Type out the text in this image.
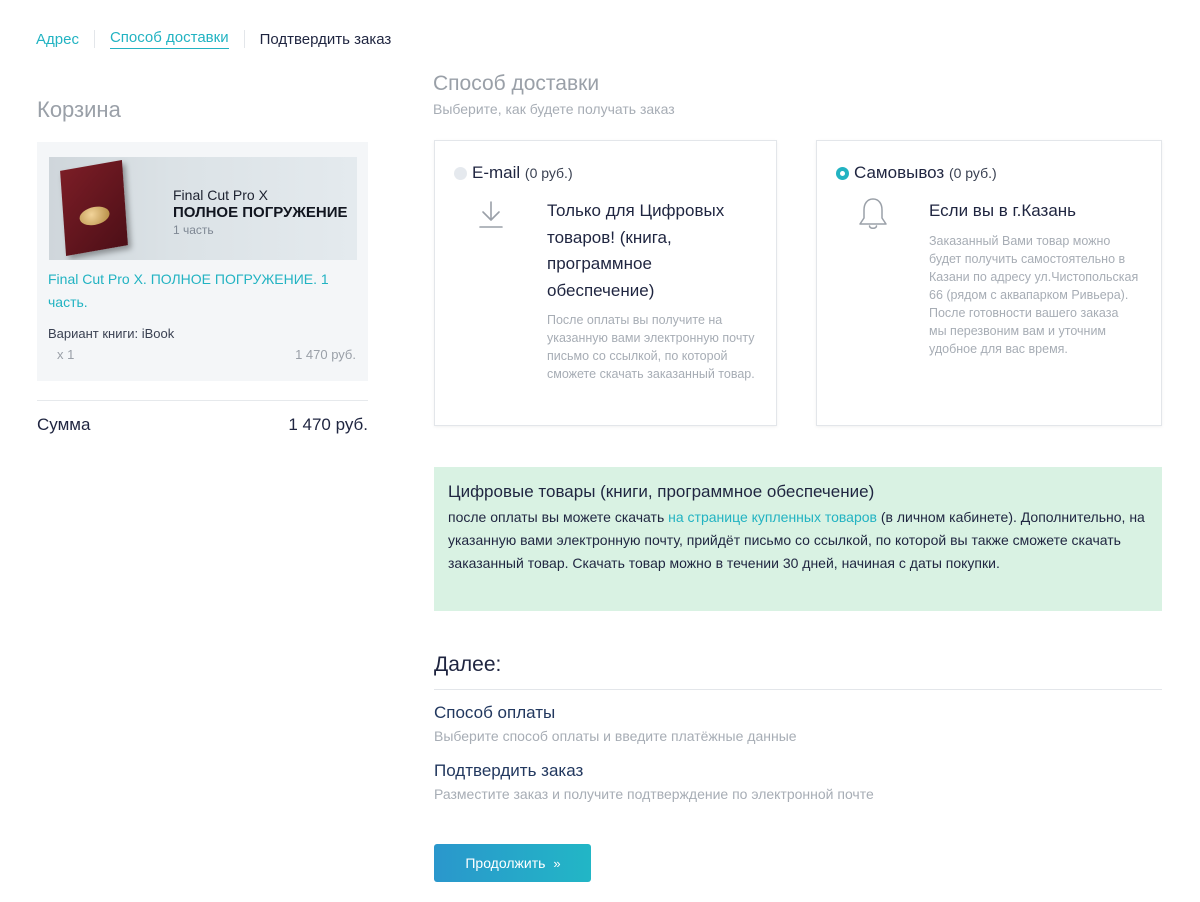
Адрес Способ доставки Подтвердить заказ
Корзина
Final Cut Pro X
ПОЛНОЕ ПОГРУЖЕНИЕ
1 часть
Final Cut Pro X. ПОЛНОЕ ПОГРУЖЕНИЕ. 1 часть.
Вариант книги: iBook
x 1	1 470 руб.
Сумма	1 470 руб.
Способ доставки
Выберите, как будете получать заказ
E-mail (0 руб.)
Только для Цифровых товаров! (книга, программное обеспечение)
После оплаты вы получите на указанную вами электронную почту письмо со ссылкой, по которой сможете скачать заказанный товар.
Самовывоз (0 руб.)
Если вы в г.Казань
Заказанный Вами товар можно будет получить самостоятельно в Казани по адресу ул.Чистопольская 66 (рядом с аквапарком Ривьера). После готовности вашего заказа мы перезвоним вам и уточним удобное для вас время.
Цифровые товары (книги, программное обеспечение)
после оплаты вы можете скачать на странице купленных товаров (в личном кабинете). Дополнительно, на указанную вами электронную почту, прийдёт письмо со ссылкой, по которой вы также сможете скачать заказанный товар. Скачать товар можно в течении 30 дней, начиная с даты покупки.
Далее:
Способ оплаты
Выберите способ оплаты и введите платёжные данные
Подтвердить заказ
Разместите заказ и получите подтверждение по электронной почте
Продолжить »
